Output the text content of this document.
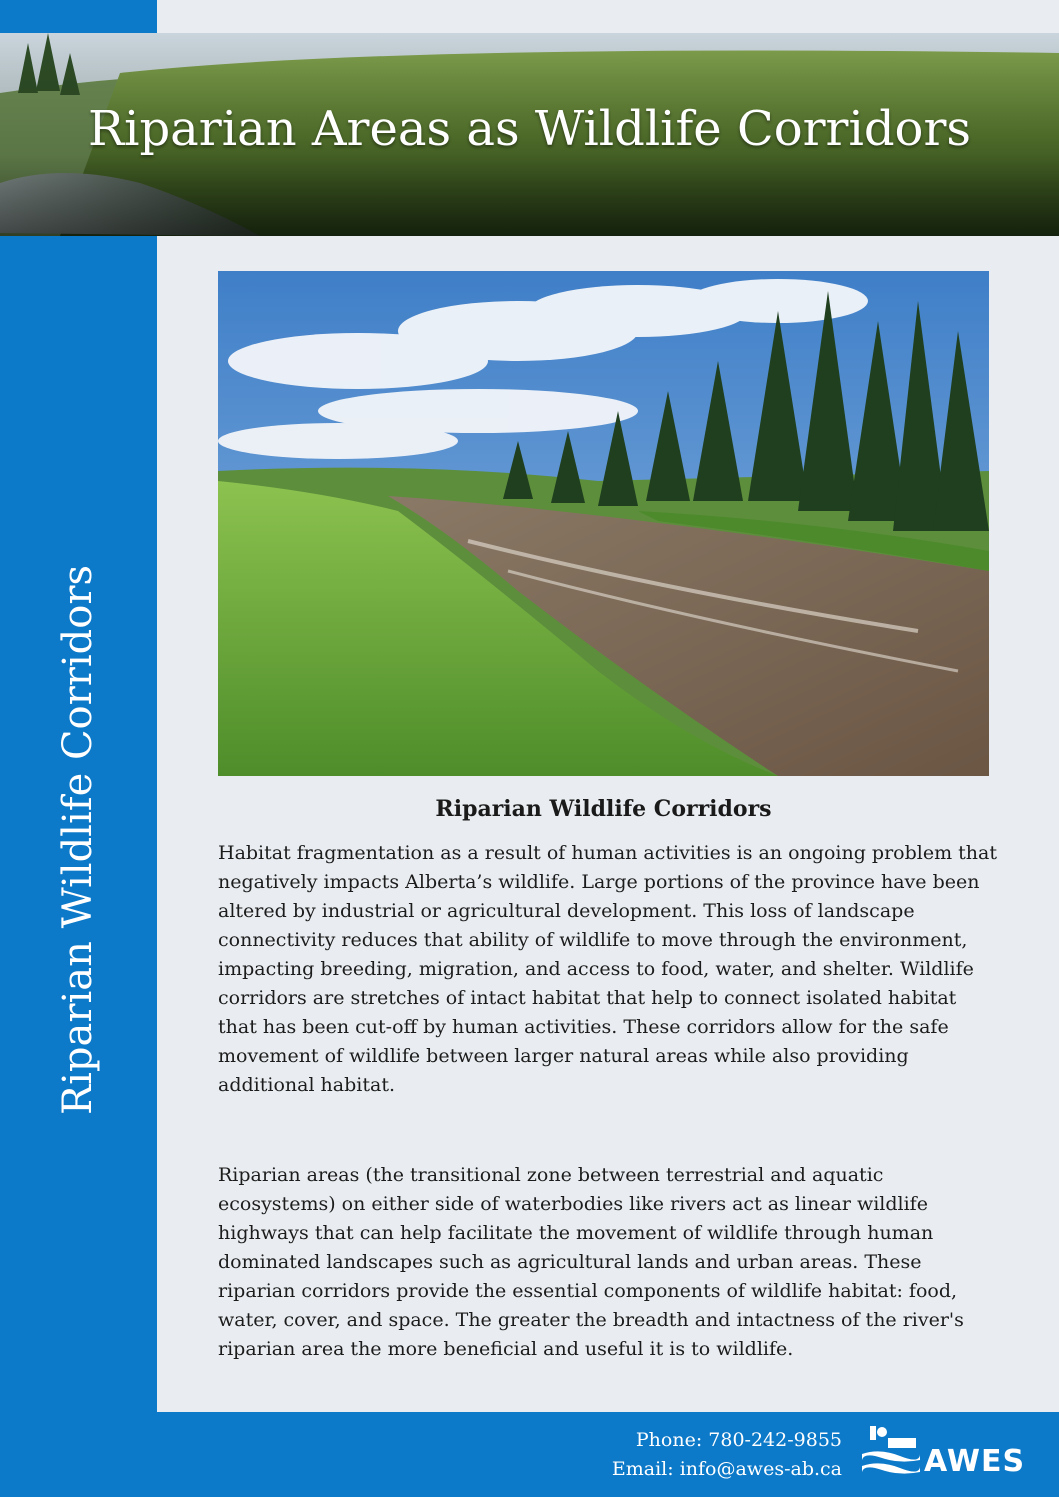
Riparian Wildlife Corridors
Riparian Areas as Wildlife Corridors
Riparian Wildlife Corridors
Habitat fragmentation as a result of human activities is an ongoing problem that negatively impacts Alberta’s wildlife. Large portions of the province have been altered by industrial or agricultural development. This loss of landscape connectivity reduces that ability of wildlife to move through the environment, impacting breeding, migration, and access to food, water, and shelter. Wildlife corridors are stretches of intact habitat that help to connect isolated habitat that has been cut-off by human activities. These corridors allow for the safe movement of wildlife between larger natural areas while also providing additional habitat.
Riparian areas (the transitional zone between terrestrial and aquatic ecosystems) on either side of waterbodies like rivers act as linear wildlife highways that can help facilitate the movement of wildlife through human dominated landscapes such as agricultural lands and urban areas. These riparian corridors provide the essential components of wildlife habitat: food, water, cover, and space. The greater the breadth and intactness of the river's riparian area the more beneficial and useful it is to wildlife.
Phone: 780-242-9855
Email: info@awes-ab.ca	AWES
